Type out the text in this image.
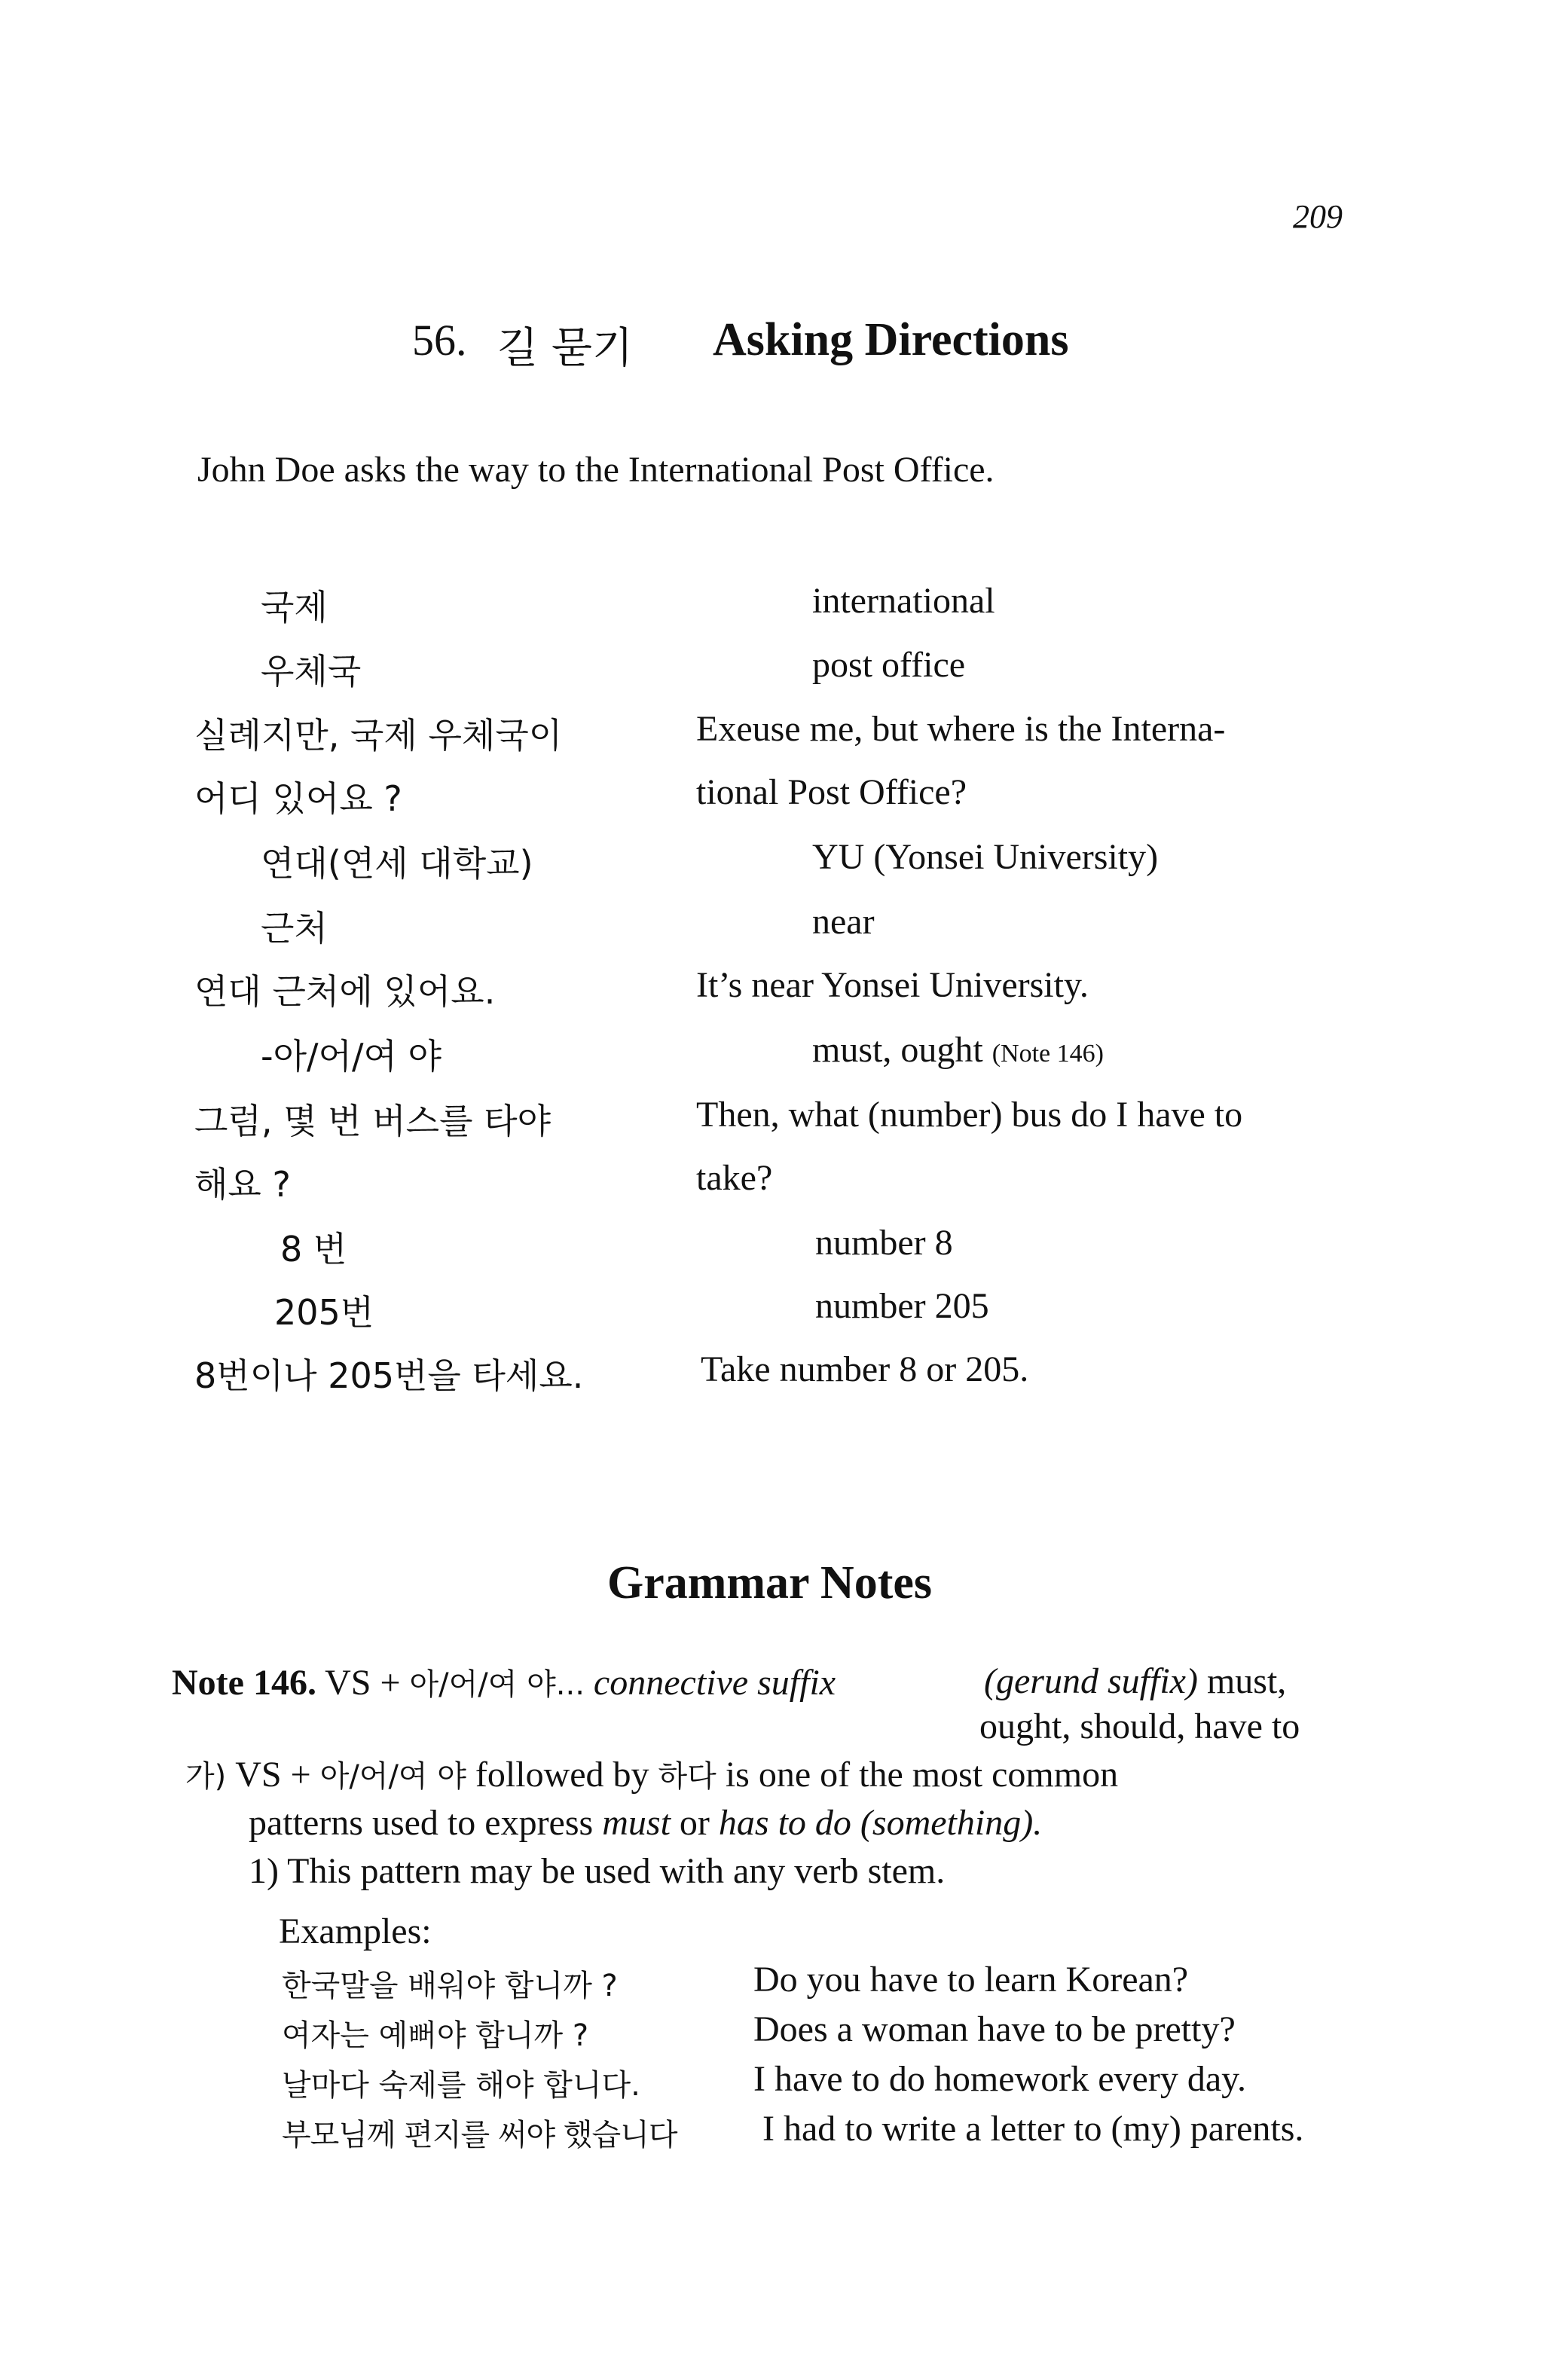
209
56. 길 묻기 Asking Directions
John Doe asks the way to the International Post Office.
국제	international
우체국	post office
실례지만, 국제 우체국이	Exeuse me, but where is the Interna-
어디 있어요 ?	tional Post Office?
연대(연세 대학교)	YU (Yonsei University)
근처	near
연대 근처에 있어요.	It’s near Yonsei University.
-아/어/여 야	must, ought (Note 146)
그럼, 몇 번 버스를 타야	Then, what (number) bus do I have to
해요 ?	take?
8 번	number 8
205번	number 205
8번이나 205번을 타세요.	Take number 8 or 205.
Grammar Notes
Note 146. VS + 아/어/여 야... connective suffix	(gerund suffix) must,
ought, should, have to
가) VS + 아/어/여 야 followed by 하다 is one of the most common
patterns used to express must or has to do (something).
1) This pattern may be used with any verb stem.
Examples:
한국말을 배워야 합니까 ?	Do you have to learn Korean?
여자는 예뻐야 합니까 ?	Does a woman have to be pretty?
날마다 숙제를 해야 합니다.	I have to do homework every day.
부모님께 편지를 써야 했습니다 I had to write a letter to (my) parents.
